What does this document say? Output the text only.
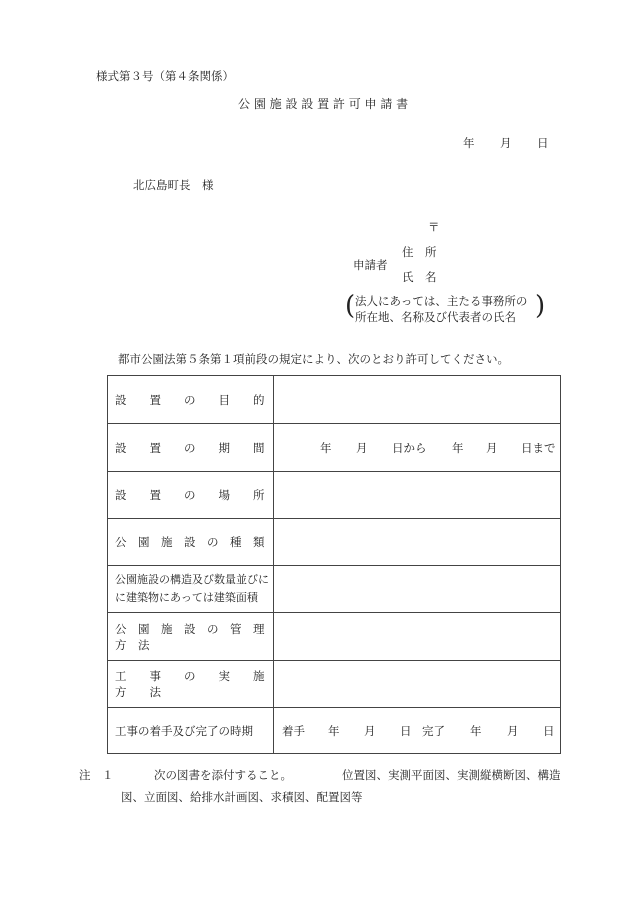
様式第３号（第４条関係）
公 園 施 設 設 置 許 可 申 請 書
年 月 日
北広島町長　様
〒
住　所
申請者
氏　名
( 法人にあっては、主たる事務所の
所在地、名称及び代表者の氏名 )
都市公園法第５条第１項前段の規定により、次のとおり許可してください。
設　　置　　の　　目　　的
設　　置　　の　　期　　間	年 月 日から 年 月 日まで
設　　置　　の　　場　　所
公　園　施　設　の　種　類
公園施設の構造及び数量並びに
に建築物にあっては建築面積
公　園　施　設　の　管　理　方　法
工　　事　　の　　実　　施　　方　　法
工事の着手及び完了の時期	着手 年 月 日 完了 年 月 日
注　１	次の図書を添付すること。	位置図、実測平面図、実測縦横断図、構造
図、立面図、給排水計画図、求積図、配置図等
